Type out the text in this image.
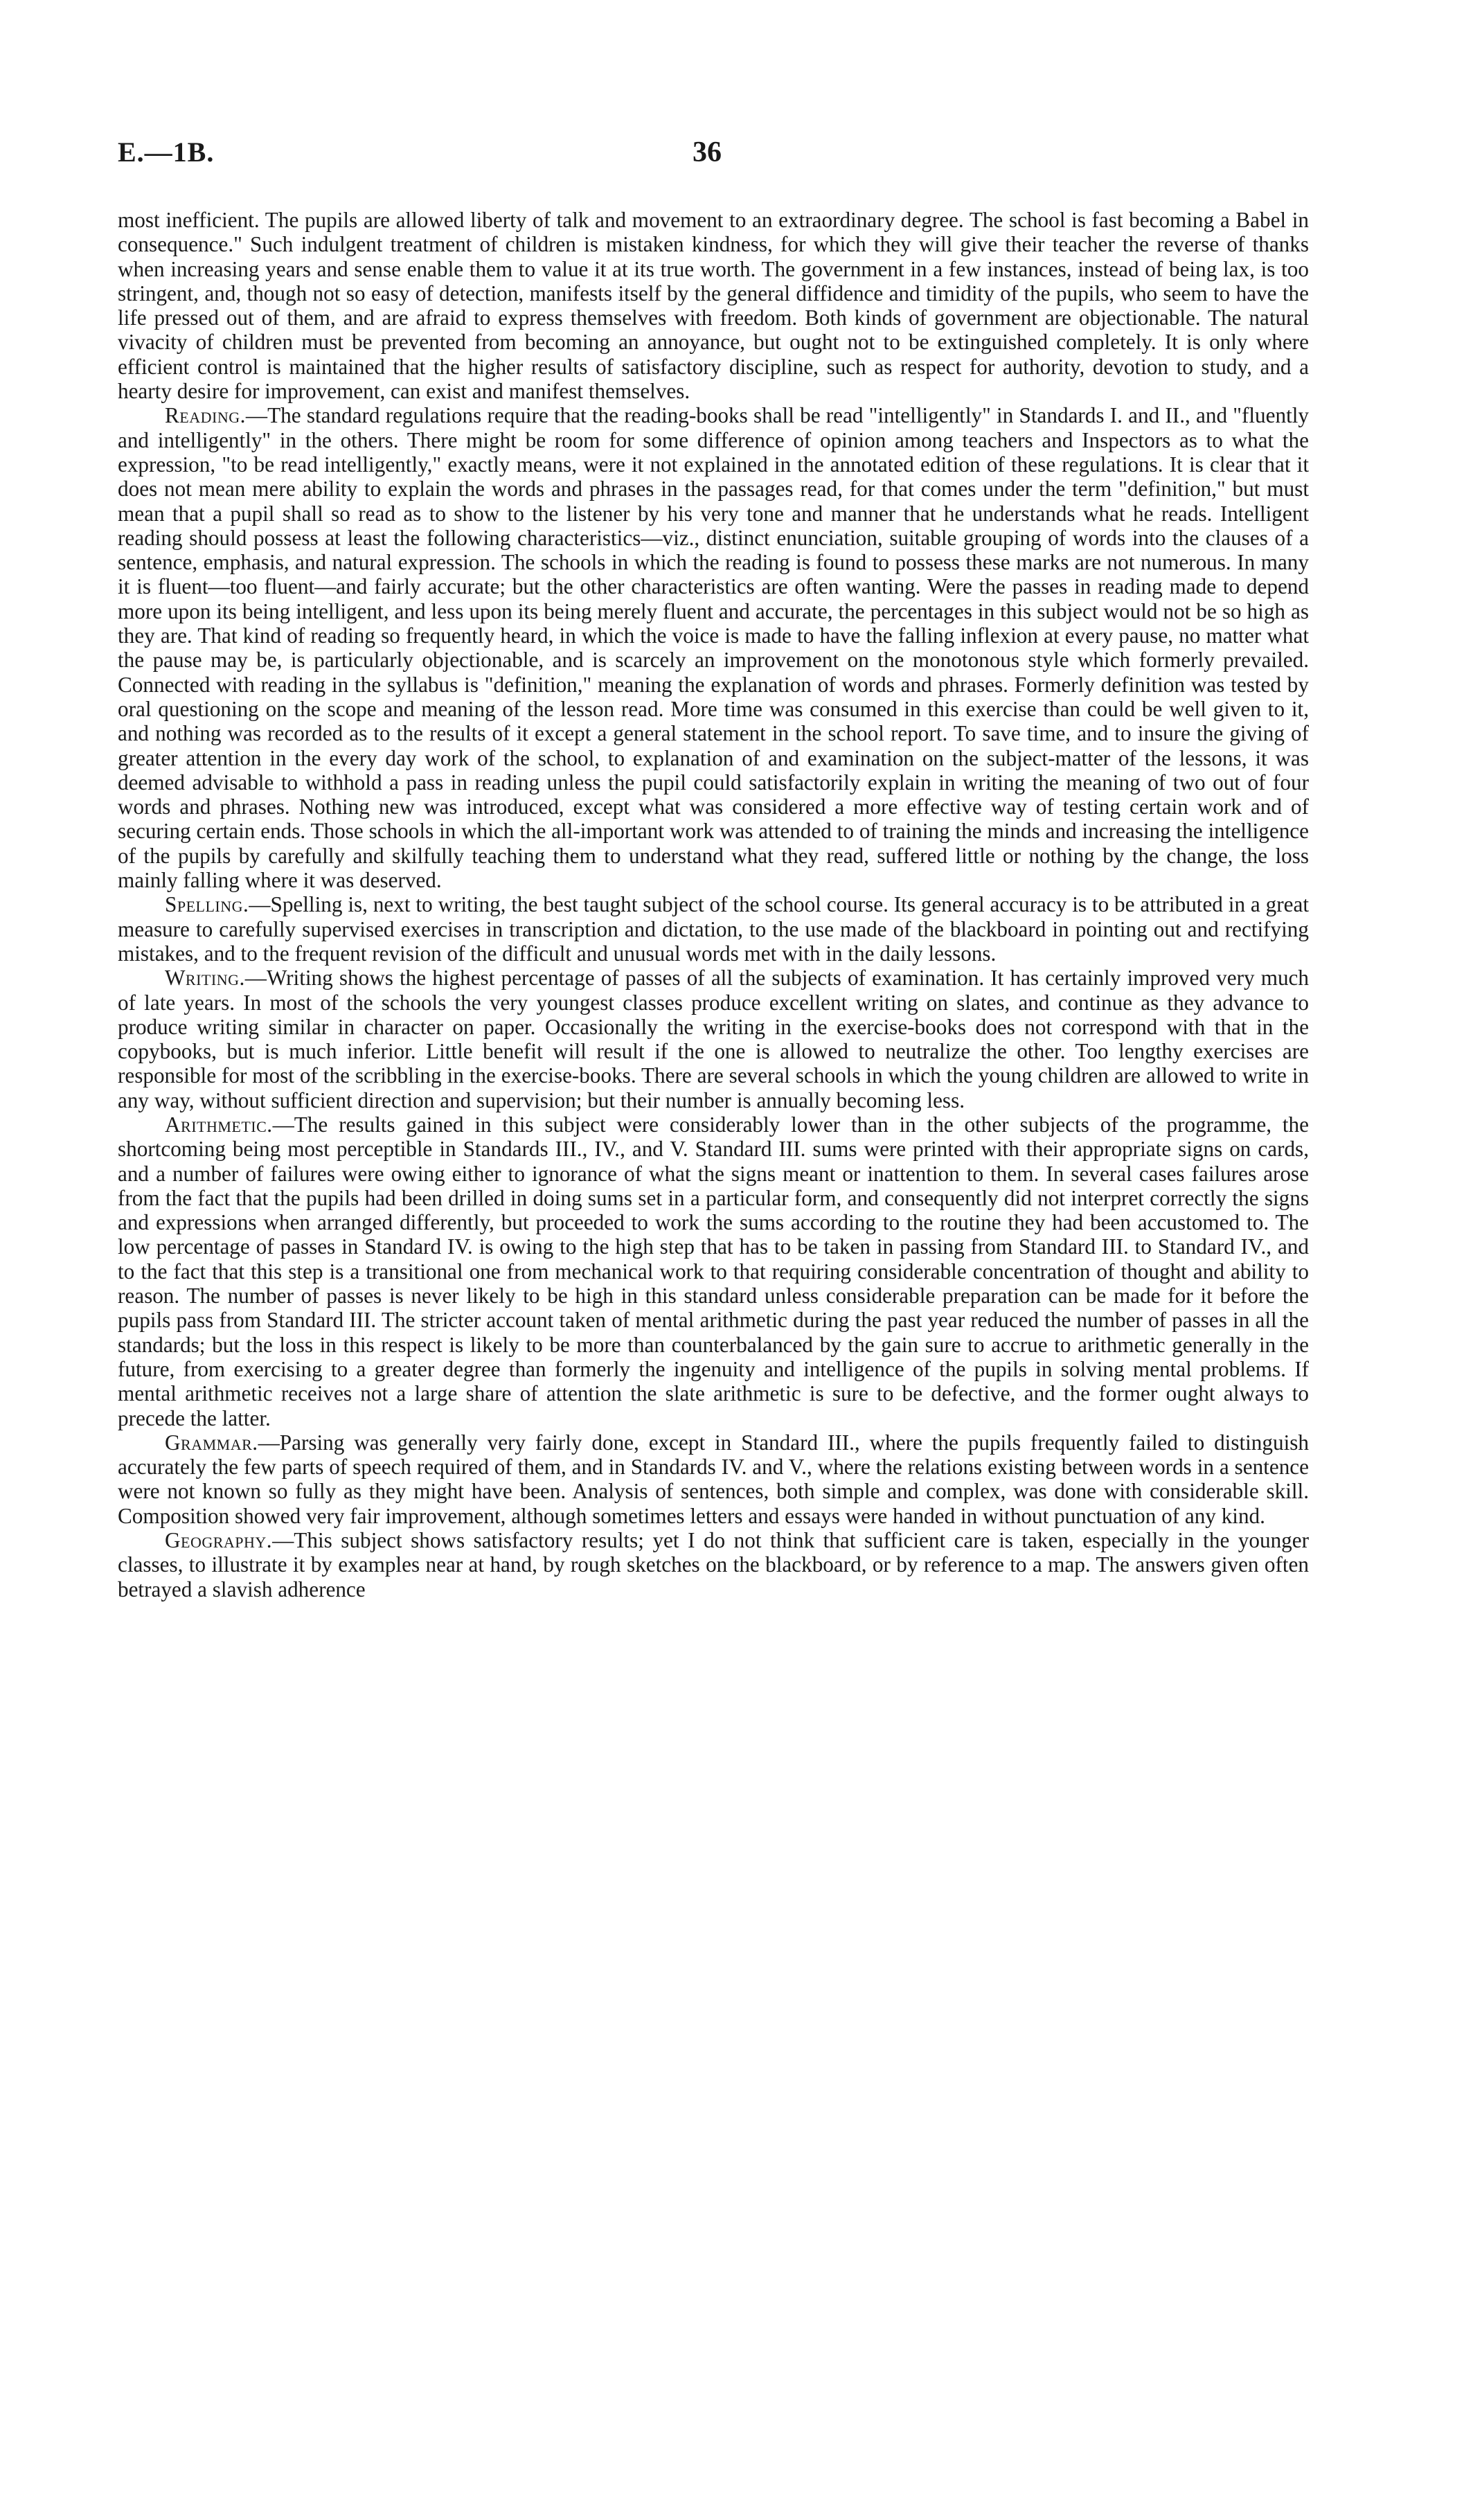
E.—1B.	36

most inefficient. The pupils are allowed liberty of talk and movement to an extraordinary degree. The school is fast becoming a Babel in consequence." Such indulgent treatment of children is mistaken kindness, for which they will give their teacher the reverse of thanks when increasing years and sense enable them to value it at its true worth. The government in a few instances, instead of being lax, is too stringent, and, though not so easy of detection, manifests itself by the general diffidence and timidity of the pupils, who seem to have the life pressed out of them, and are afraid to express themselves with freedom. Both kinds of government are objectionable. The natural vivacity of children must be prevented from becoming an annoyance, but ought not to be extinguished completely. It is only where efficient control is maintained that the higher results of satisfactory discipline, such as respect for authority, devotion to study, and a hearty desire for improvement, can exist and manifest themselves.

Reading.—The standard regulations require that the reading-books shall be read "intelligently" in Standards I. and II., and "fluently and intelligently" in the others. There might be room for some difference of opinion among teachers and Inspectors as to what the expression, "to be read intelligently," exactly means, were it not explained in the annotated edition of these regulations. It is clear that it does not mean mere ability to explain the words and phrases in the passages read, for that comes under the term "definition," but must mean that a pupil shall so read as to show to the listener by his very tone and manner that he understands what he reads. Intelligent reading should possess at least the following characteristics—viz., distinct enunciation, suitable grouping of words into the clauses of a sentence, emphasis, and natural expression. The schools in which the reading is found to possess these marks are not numerous. In many it is fluent—too fluent—and fairly accurate; but the other characteristics are often wanting. Were the passes in reading made to depend more upon its being intelligent, and less upon its being merely fluent and accurate, the percentages in this subject would not be so high as they are. That kind of reading so frequently heard, in which the voice is made to have the falling inflexion at every pause, no matter what the pause may be, is particularly objectionable, and is scarcely an improvement on the monotonous style which formerly prevailed. Connected with reading in the syllabus is "definition," meaning the explanation of words and phrases. Formerly definition was tested by oral questioning on the scope and meaning of the lesson read. More time was consumed in this exercise than could be well given to it, and nothing was recorded as to the results of it except a general statement in the school report. To save time, and to insure the giving of greater attention in the every day work of the school, to explanation of and examination on the subject-matter of the lessons, it was deemed advisable to withhold a pass in reading unless the pupil could satisfactorily explain in writing the meaning of two out of four words and phrases. Nothing new was introduced, except what was considered a more effective way of testing certain work and of securing certain ends. Those schools in which the all-important work was attended to of training the minds and increasing the intelligence of the pupils by carefully and skilfully teaching them to understand what they read, suffered little or nothing by the change, the loss mainly falling where it was deserved.

Spelling.—Spelling is, next to writing, the best taught subject of the school course. Its general accuracy is to be attributed in a great measure to carefully supervised exercises in transcription and dictation, to the use made of the blackboard in pointing out and rectifying mistakes, and to the frequent revision of the difficult and unusual words met with in the daily lessons.

Writing.—Writing shows the highest percentage of passes of all the subjects of examination. It has certainly improved very much of late years. In most of the schools the very youngest classes produce excellent writing on slates, and continue as they advance to produce writing similar in character on paper. Occasionally the writing in the exercise-books does not correspond with that in the copybooks, but is much inferior. Little benefit will result if the one is allowed to neutralize the other. Too lengthy exercises are responsible for most of the scribbling in the exercise-books. There are several schools in which the young children are allowed to write in any way, without sufficient direction and supervision; but their number is annually becoming less.

Arithmetic.—The results gained in this subject were considerably lower than in the other subjects of the programme, the shortcoming being most perceptible in Standards III., IV., and V. Standard III. sums were printed with their appropriate signs on cards, and a number of failures were owing either to ignorance of what the signs meant or inattention to them. In several cases failures arose from the fact that the pupils had been drilled in doing sums set in a particular form, and consequently did not interpret correctly the signs and expressions when arranged differently, but proceeded to work the sums according to the routine they had been accustomed to. The low percentage of passes in Standard IV. is owing to the high step that has to be taken in passing from Standard III. to Standard IV., and to the fact that this step is a transitional one from mechanical work to that requiring considerable concentration of thought and ability to reason. The number of passes is never likely to be high in this standard unless considerable preparation can be made for it before the pupils pass from Standard III. The stricter account taken of mental arithmetic during the past year reduced the number of passes in all the standards; but the loss in this respect is likely to be more than counterbalanced by the gain sure to accrue to arithmetic generally in the future, from exercising to a greater degree than formerly the ingenuity and intelligence of the pupils in solving mental problems. If mental arithmetic receives not a large share of attention the slate arithmetic is sure to be defective, and the former ought always to precede the latter.

Grammar.—Parsing was generally very fairly done, except in Standard III., where the pupils frequently failed to distinguish accurately the few parts of speech required of them, and in Standards IV. and V., where the relations existing between words in a sentence were not known so fully as they might have been. Analysis of sentences, both simple and complex, was done with considerable skill. Composition showed very fair improvement, although sometimes letters and essays were handed in without punctuation of any kind.

Geography.—This subject shows satisfactory results; yet I do not think that sufficient care is taken, especially in the younger classes, to illustrate it by examples near at hand, by rough sketches on the blackboard, or by reference to a map. The answers given often betrayed a slavish adherence
